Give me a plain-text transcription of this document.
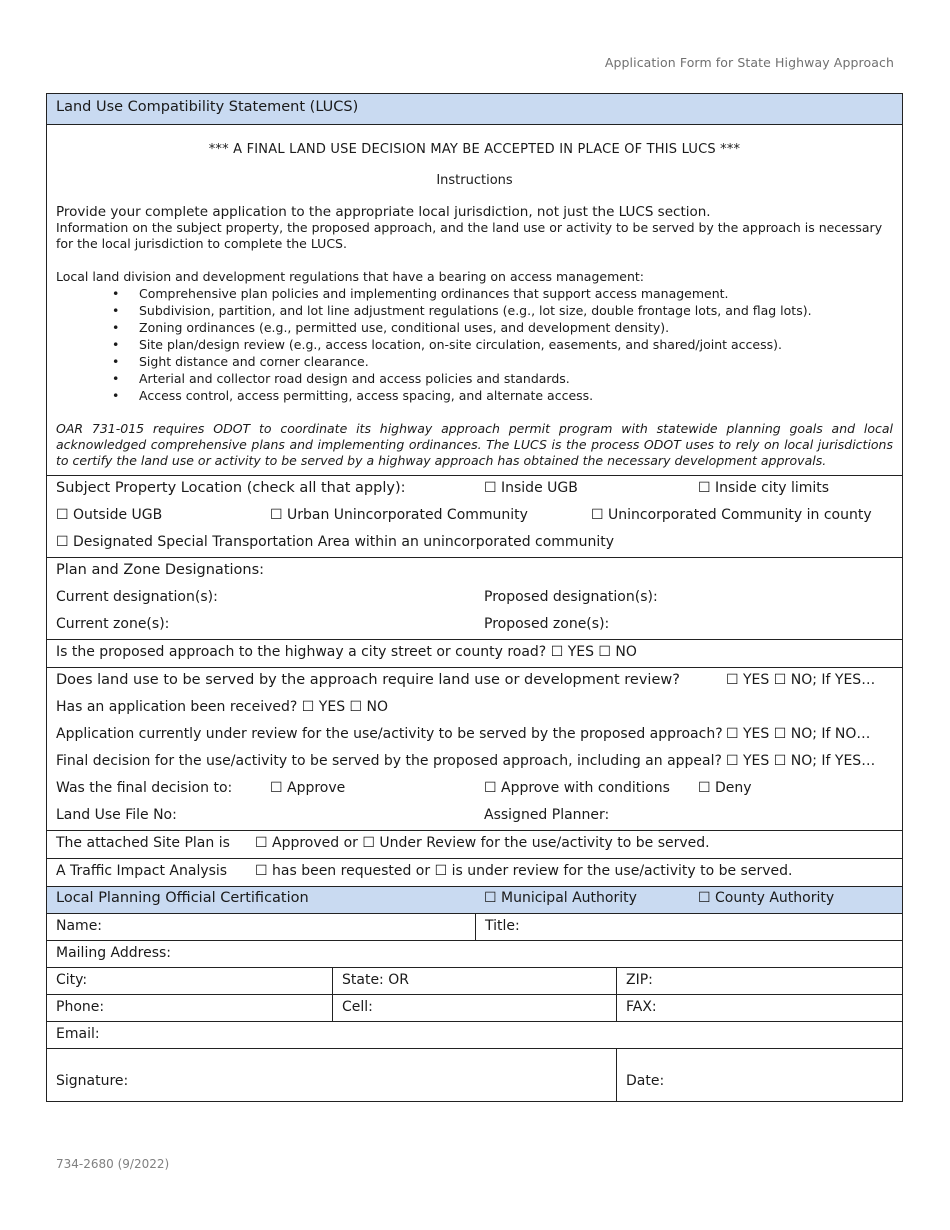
Application Form for State Highway Approach
Land Use Compatibility Statement (LUCS)
*** A FINAL LAND USE DECISION MAY BE ACCEPTED IN PLACE OF THIS LUCS ***
Instructions
Provide your complete application to the appropriate local jurisdiction, not just the LUCS section.
Information on the subject property, the proposed approach, and the land use or activity to be served by the approach is necessary for the local jurisdiction to complete the LUCS.
Local land division and development regulations that have a bearing on access management:
• Comprehensive plan policies and implementing ordinances that support access management.
• Subdivision, partition, and lot line adjustment regulations (e.g., lot size, double frontage lots, and flag lots).
• Zoning ordinances (e.g., permitted use, conditional uses, and development density).
• Site plan/design review (e.g., access location, on-site circulation, easements, and shared/joint access).
• Sight distance and corner clearance.
• Arterial and collector road design and access policies and standards.
• Access control, access permitting, access spacing, and alternate access.
OAR 731-015 requires ODOT to coordinate its highway approach permit program with statewide planning goals and local acknowledged comprehensive plans and implementing ordinances. The LUCS is the process ODOT uses to rely on local jurisdictions to certify the land use or activity to be served by a highway approach has obtained the necessary development approvals.
Subject Property Location (check all that apply):	☐ Inside UGB	☐ Inside city limits
☐ Outside UGB	☐ Urban Unincorporated Community	☐ Unincorporated Community in county
☐ Designated Special Transportation Area within an unincorporated community
Plan and Zone Designations:
Current designation(s):	Proposed designation(s):
Current zone(s):	Proposed zone(s):
Is the proposed approach to the highway a city street or county road? ☐ YES ☐ NO
Does land use to be served by the approach require land use or development review?	☐ YES ☐ NO; If YES…
Has an application been received? ☐ YES ☐ NO
Application currently under review for the use/activity to be served by the proposed approach? ☐ YES ☐ NO; If NO…
Final decision for the use/activity to be served by the proposed approach, including an appeal? ☐ YES ☐ NO; If YES…
Was the final decision to:	☐ Approve	☐ Approve with conditions ☐ Deny
Land Use File No:	Assigned Planner:
The attached Site Plan is ☐ Approved or ☐ Under Review for the use/activity to be served.
A Traffic Impact Analysis ☐ has been requested or ☐ is under review for the use/activity to be served.
Local Planning Official Certification	☐ Municipal Authority	☐ County Authority
Name:	Title:
Mailing Address:
City:	State: OR	ZIP:
Phone:	Cell:	FAX:
Email:
Signature:	Date:
734-2680 (9/2022)
